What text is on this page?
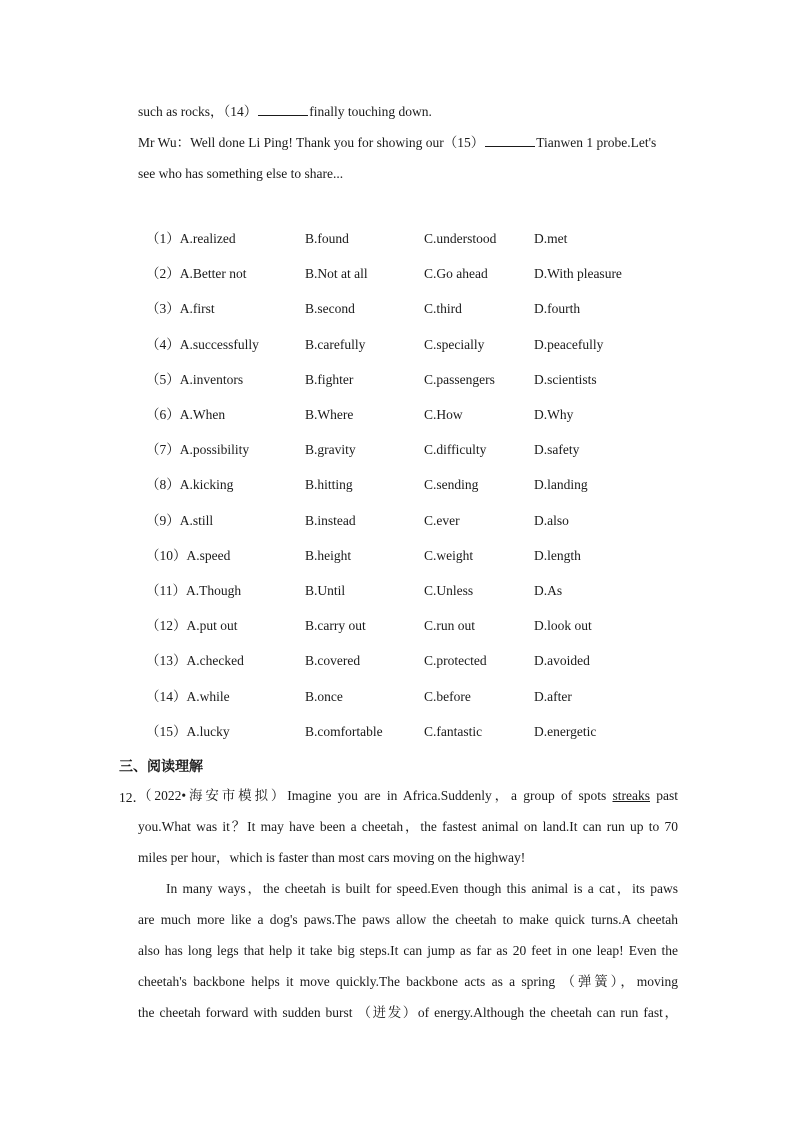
such as rocks，（14）	finally touching down.
Mr Wu：Well done Li Ping! Thank you for showing our（15）	Tianwen 1 probe.Let's
see who has something else to share...
（1）A.realized	B.found	C.understood	D.met
（2）A.Better not	B.Not at all	C.Go ahead	D.With pleasure
（3）A.first	B.second	C.third	D.fourth
（4）A.successfully	B.carefully	C.specially	D.peacefully
（5）A.inventors	B.fighter	C.passengers	D.scientists
（6）A.When	B.Where	C.How	D.Why
（7）A.possibility	B.gravity	C.difficulty	D.safety
（8）A.kicking	B.hitting	C.sending	D.landing
（9）A.still	B.instead	C.ever	D.also
（10）A.speed	B.height	C.weight	D.length
（11）A.Though	B.Until	C.Unless	D.As
（12）A.put out	B.carry out	C.run out	D.look out
（13）A.checked	B.covered	C.protected	D.avoided
（14）A.while	B.once	C.before	D.after
（15）A.lucky	B.comfortable	C.fantastic	D.energetic
三、阅读理解
12．
（2022•海安市模拟）Imagine you are in Africa.Suddenly，a group of spots streaks past
you.What was it？It may have been a cheetah，the fastest animal on land.It can run up to 70
miles per hour，which is faster than most cars moving on the highway!
In many ways，the cheetah is built for speed.Even though this animal is a cat，its paws
are much more like a dog's paws.The paws allow the cheetah to make quick turns.A cheetah
also has long legs that help it take big steps.It can jump as far as 20 feet in one leap! Even the
cheetah's backbone helps it move quickly.The backbone acts as a spring （弹簧），moving
the cheetah forward with sudden burst （迸发）of energy.Although the cheetah can run fast，
